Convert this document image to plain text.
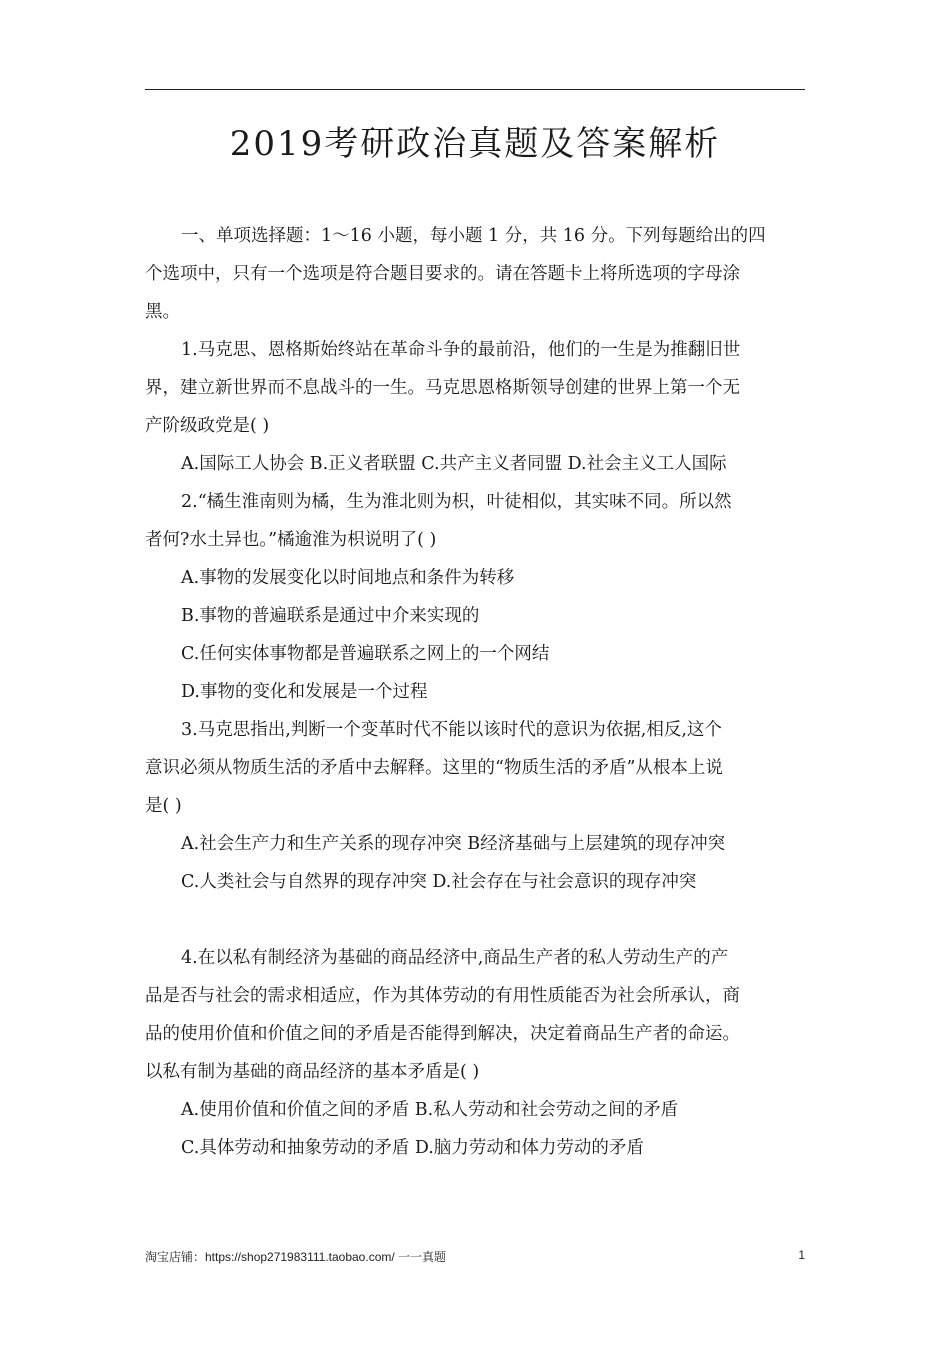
2019考研政治真题及答案解析
一、单项选择题：1～16 小题，每小题 1 分，共 16 分。下列每题给出的四
个选项中，只有一个选项是符合题目要求的。请在答题卡上将所选项的字母涂
黑。
1.马克思、恩格斯始终站在革命斗争的最前沿，他们的一生是为推翻旧世
界，建立新世界而不息战斗的一生。马克思恩格斯领导创建的世界上第一个无
产阶级政党是( )
A.国际工人协会 B.正义者联盟 C.共产主义者同盟 D.社会主义工人国际
2.“橘生淮南则为橘，生为淮北则为枳，叶徒相似，其实味不同。所以然
者何?水土异也。”橘逾淮为枳说明了( )
A.事物的发展变化以时间地点和条件为转移
B.事物的普遍联系是通过中介来实现的
C.任何实体事物都是普遍联系之网上的一个网结
D.事物的变化和发展是一个过程
3.马克思指出,判断一个变革时代不能以该时代的意识为依据,相反,这个
意识必须从物质生活的矛盾中去解释。这里的“物质生活的矛盾”从根本上说
是( )
A.社会生产力和生产关系的现存冲突 B经济基础与上层建筑的现存冲突
C.人类社会与自然界的现存冲突 D.社会存在与社会意识的现存冲突
4.在以私有制经济为基础的商品经济中,商品生产者的私人劳动生产的产
品是否与社会的需求相适应，作为其体劳动的有用性质能否为社会所承认，商
品的使用价值和价值之间的矛盾是否能得到解决，决定着商品生产者的命运。
以私有制为基础的商品经济的基本矛盾是( )
A.使用价值和价值之间的矛盾 B.私人劳动和社会劳动之间的矛盾
C.具体劳动和抽象劳动的矛盾 D.脑力劳动和体力劳动的矛盾
淘宝店铺：https://shop271983111.taobao.com/ 一一真题	1
